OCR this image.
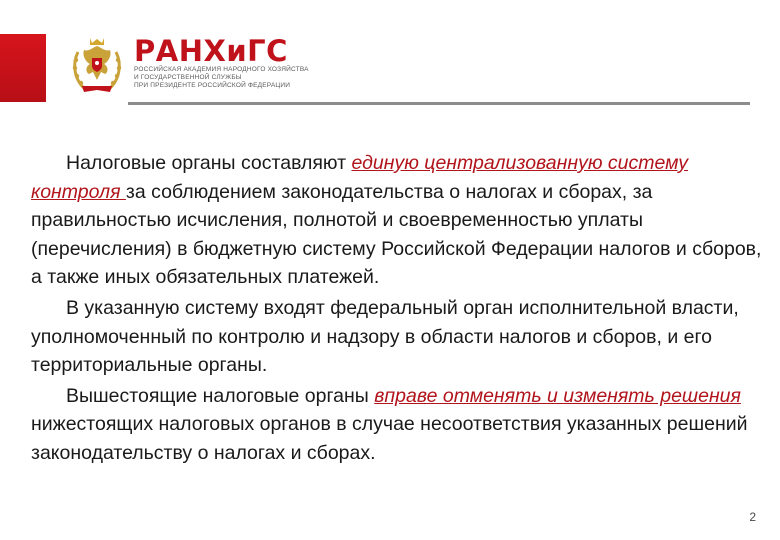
РАНХиГС
РОССИЙСКАЯ АКАДЕМИЯ НАРОДНОГО ХОЗЯЙСТВА
И ГОСУДАРСТВЕННОЙ СЛУЖБЫ
ПРИ ПРЕЗИДЕНТЕ РОССИЙСКОЙ ФЕДЕРАЦИИ

Налоговые органы составляют единую централизованную систему контроля за соблюдением законодательства о налогах и сборах, за правильностью исчисления, полнотой и своевременностью уплаты (перечисления) в бюджетную систему Российской Федерации налогов и сборов, а также иных обязательных платежей.

В указанную систему входят федеральный орган исполнительной власти, уполномоченный по контролю и надзору в области налогов и сборов, и его территориальные органы.

Вышестоящие налоговые органы вправе отменять и изменять решения нижестоящих налоговых органов в случае несоответствия указанных решений законодательству о налогах и сборах.

2
